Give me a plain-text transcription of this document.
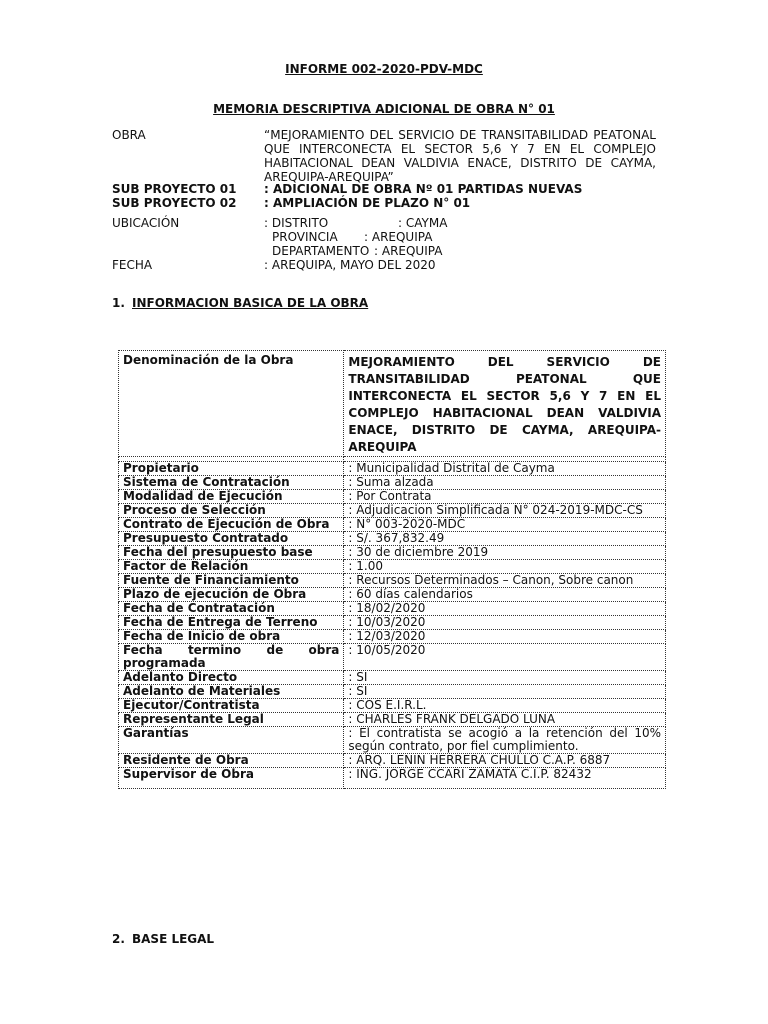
INFORME 002-2020-PDV-MDC
MEMORIA DESCRIPTIVA ADICIONAL DE OBRA N° 01
OBRA	“MEJORAMIENTO DEL SERVICIO DE TRANSITABILIDAD PEATONAL QUE INTERCONECTA EL SECTOR 5,6 Y 7 EN EL COMPLEJO HABITACIONAL DEAN VALDIVIA ENACE, DISTRITO DE CAYMA, AREQUIPA-AREQUIPA”
SUB PROYECTO 01 : ADICIONAL DE OBRA Nº 01 PARTIDAS NUEVAS
SUB PROYECTO 02 : AMPLIACIÓN DE PLAZO N° 01
UBICACIÓN	: DISTRITO	: CAYMA
PROVINCIA : AREQUIPA
DEPARTAMENTO : AREQUIPA
FECHA	: AREQUIPA, MAYO DEL 2020
1. INFORMACION BASICA DE LA OBRA
Denominación de la Obra	MEJORAMIENTO DEL SERVICIO DE TRANSITABILIDAD PEATONAL QUE INTERCONECTA EL SECTOR 5,6 Y 7 EN EL COMPLEJO HABITACIONAL DEAN VALDIVIA ENACE, DISTRITO DE CAYMA, AREQUIPA-AREQUIPA

Propietario	: Municipalidad Distrital de Cayma
Sistema de Contratación	: Suma alzada
Modalidad de Ejecución	: Por Contrata
Proceso de Selección	: Adjudicacion Simplificada N° 024-2019-MDC-CS
Contrato de Ejecución de Obra	: N° 003-2020-MDC
Presupuesto Contratado	: S/. 367,832.49
Fecha del presupuesto base	: 30 de diciembre 2019
Factor de Relación	: 1.00
Fuente de Financiamiento	: Recursos Determinados – Canon, Sobre canon
Plazo de ejecución de Obra	: 60 días calendarios
Fecha de Contratación	: 18/02/2020
Fecha de Entrega de Terreno	: 10/03/2020
Fecha de Inicio de obra	: 12/03/2020
Fecha termino de obra programada	: 10/05/2020
Adelanto Directo	: SI
Adelanto de Materiales	: SI
Ejecutor/Contratista	: COS E.I.R.L.
Representante Legal	: CHARLES FRANK DELGADO LUNA
Garantías	: El contratista se acogió a la retención del 10% según contrato, por fiel cumplimiento.
Residente de Obra	: ARQ. LENIN HERRERA CHULLO C.A.P. 6887
Supervisor de Obra	: ING. JORGE CCARI ZAMATA C.I.P. 82432
2. BASE LEGAL
